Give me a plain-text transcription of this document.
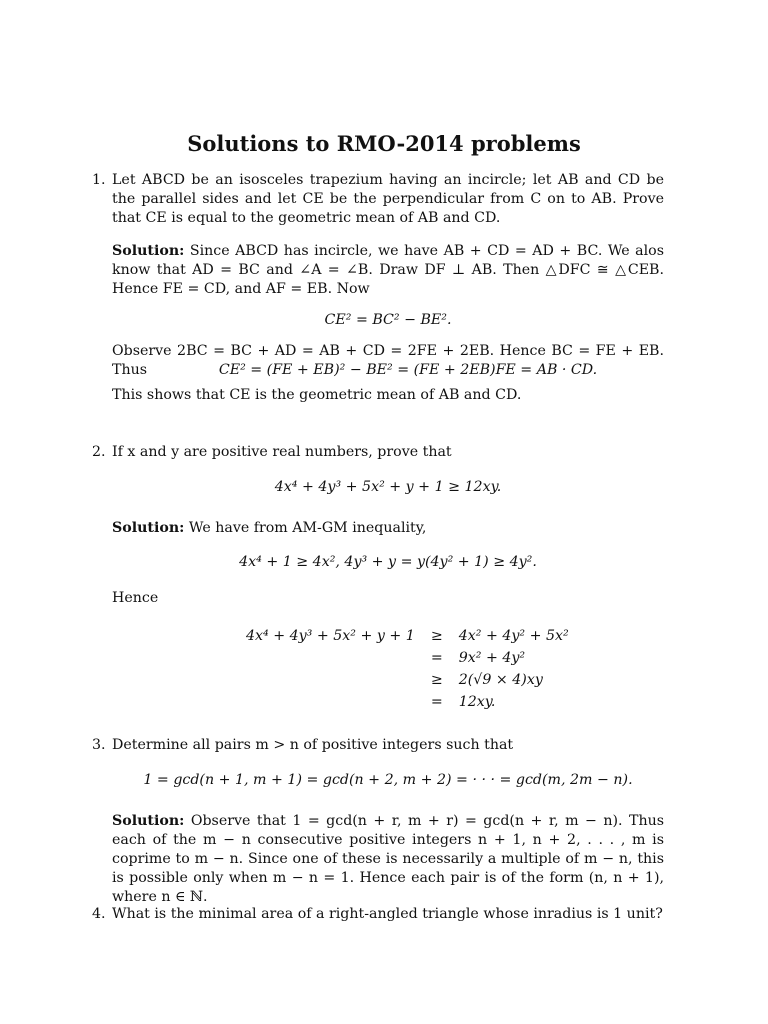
Solutions to RMO-2014 problems
1. Let ABCD be an isosceles trapezium having an incircle; let AB and CD be the parallel sides and let CE be the perpendicular from C on to AB. Prove that CE is equal to the geometric mean of AB and CD.

Solution: Since ABCD has incircle, we have AB + CD = AD + BC. We alos know that AD = BC and ∠A = ∠B. Draw DF ⊥ AB. Then △DFC ≅ △CEB. Hence FE = CD, and AF = EB. Now

CE² = BC² − BE².

Observe 2BC = BC + AD = AB + CD = 2FE + 2EB. Hence BC = FE + EB. Thus	CE² = (FE + EB)² − BE² = (FE + 2EB)FE = AB · CD.

This shows that CE is the geometric mean of AB and CD.

2. If x and y are positive real numbers, prove that

4x⁴ + 4y³ + 5x² + y + 1 ≥ 12xy.

Solution: We have from AM-GM inequality,

4x⁴ + 1 ≥ 4x², 4y³ + y = y(4y² + 1) ≥ 4y².

Hence

4x⁴ + 4y³ + 5x² + y + 1	≥	4x² + 4y² + 5x²
	=	9x² + 4y²
	≥	2(√9 × 4)xy
	=	12xy.
3. Determine all pairs m > n of positive integers such that

1 = gcd(n + 1, m + 1) = gcd(n + 2, m + 2) = · · · = gcd(m, 2m − n).

Solution: Observe that 1 = gcd(n + r, m + r) = gcd(n + r, m − n). Thus each of the m − n consecutive positive integers n + 1, n + 2, . . . , m is coprime to m − n. Since one of these is necessarily a multiple of m − n, this is possible only when m − n = 1. Hence each pair is of the form (n, n + 1), where n ∈ ℕ.

4. What is the minimal area of a right-angled triangle whose inradius is 1 unit?
